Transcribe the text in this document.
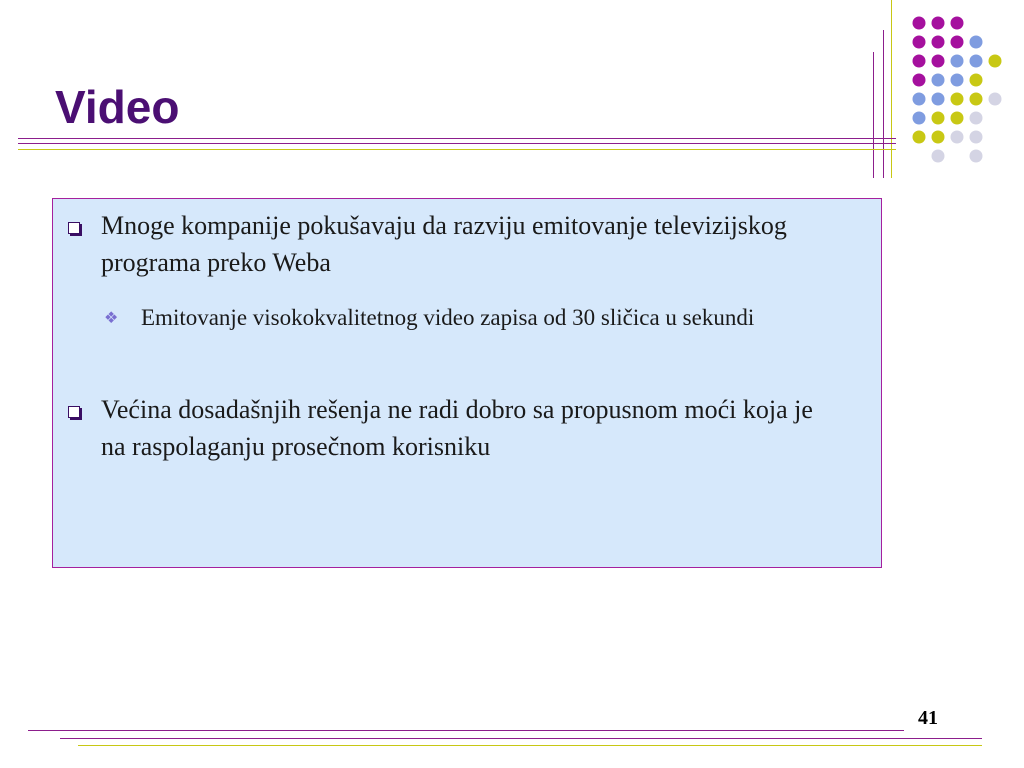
Video
Mnoge kompanije pokušavaju da razviju emitovanje televizijskog programa preko Weba
❖ Emitovanje visokokvalitetnog video zapisa od 30 sličica u sekundi
Većina dosadašnjih rešenja ne radi dobro sa propusnom moći koja je na raspolaganju prosečnom korisniku
41
